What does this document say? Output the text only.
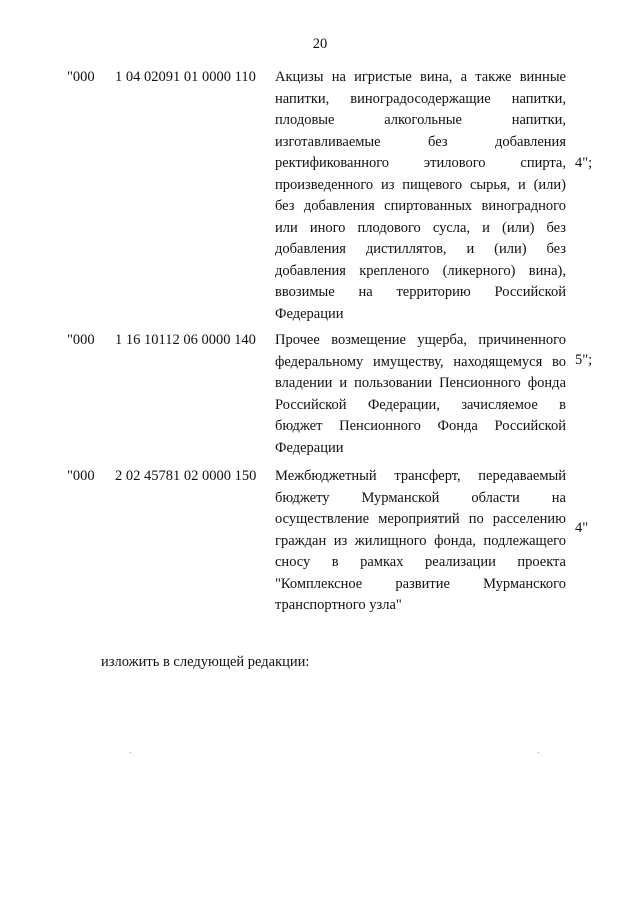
20
"000 1 04 02091 01 0000 110 Акцизы на игристые вина, а также винные
напитки, виноградосодержащие напитки,
плодовые алкогольные напитки,
изготавливаемые без добавления
ректификованного этилового спирта,
произведенного из пищевого сырья, и (или)
без добавления спиртованных виноградного
или иного плодового сусла, и (или) без
добавления дистиллятов, и (или) без
добавления крепленого (ликерного) вина),
ввозимые на территорию Российской
Федерации
4";
"000 1 16 10112 06 0000 140 Прочее возмещение ущерба, причиненного
федеральному имуществу, находящемуся во
владении и пользовании Пенсионного фонда
Российской Федерации, зачисляемое в
бюджет Пенсионного Фонда Российской
Федерации
5";
"000 2 02 45781 02 0000 150 Межбюджетный трансферт, передаваемый
бюджету Мурманской области на
осуществление мероприятий по расселению
граждан из жилищного фонда, подлежащего
сносу в рамках реализации проекта
"Комплексное развитие Мурманского
транспортного узла"
4"
изложить в следующей редакции:
